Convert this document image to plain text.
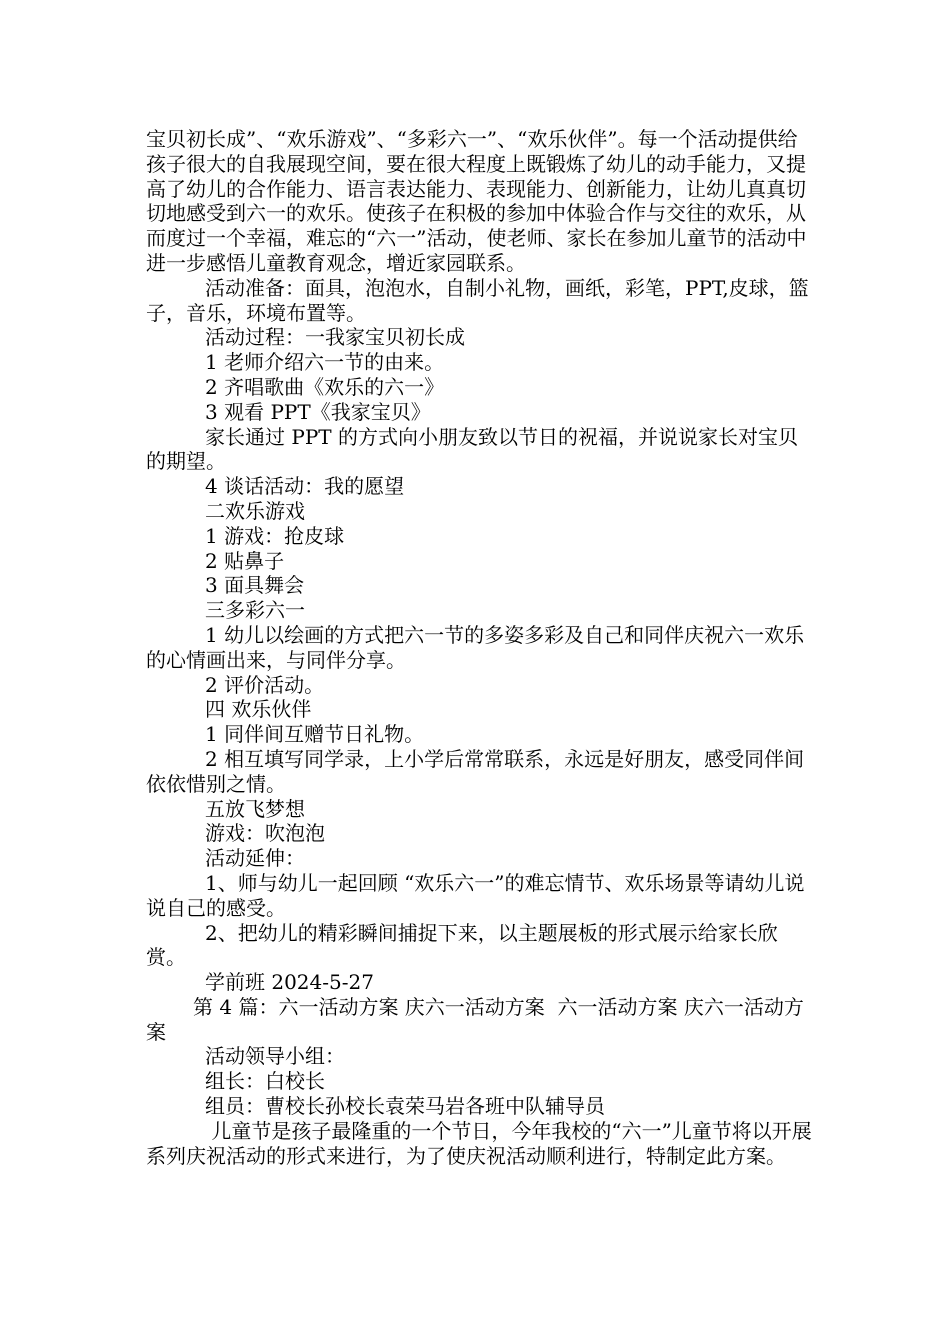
宝贝初长成”、“欢乐游戏”、“多彩六一”、“欢乐伙伴”。每一个活动提供给孩子很大的自我展现空间，要在很大程度上既锻炼了幼儿的动手能力，又提高了幼儿的合作能力、语言表达能力、表现能力、创新能力，让幼儿真真切切地感受到六一的欢乐。使孩子在积极的参加中体验合作与交往的欢乐，从而度过一个幸福，难忘的“六一”活动，使老师、家长在参加儿童节的活动中进一步感悟儿童教育观念，增近家园联系。

活动准备：面具，泡泡水，自制小礼物，画纸，彩笔，PPT,皮球，篮子，音乐，环境布置等。

活动过程：一我家宝贝初长成

1 老师介绍六一节的由来。

2 齐唱歌曲《欢乐的六一》

3 观看 PPT《我家宝贝》

家长通过 PPT 的方式向小朋友致以节日的祝福，并说说家长对宝贝的期望。

4 谈话活动：我的愿望

二欢乐游戏

1 游戏：抢皮球

2 贴鼻子

3 面具舞会

三多彩六一

1 幼儿以绘画的方式把六一节的多姿多彩及自己和同伴庆祝六一欢乐的心情画出来，与同伴分享。

2 评价活动。

四 欢乐伙伴

1 同伴间互赠节日礼物。

2 相互填写同学录，上小学后常常联系，永远是好朋友，感受同伴间依依惜别之情。

五放飞梦想

游戏：吹泡泡

活动延伸：

1、师与幼儿一起回顾 “欢乐六一”的难忘情节、欢乐场景等请幼儿说说自己的感受。

2、把幼儿的精彩瞬间捕捉下来，以主题展板的形式展示给家长欣赏。

学前班 2024-5-27

第 4 篇：六一活动方案 庆六一活动方案  六一活动方案 庆六一活动方案

活动领导小组：

组长：白校长

组员：曹校长孙校长袁荣马岩各班中队辅导员

儿童节是孩子最隆重的一个节日，今年我校的“六一”儿童节将以开展系列庆祝活动的形式来进行，为了使庆祝活动顺利进行，特制定此方案。
